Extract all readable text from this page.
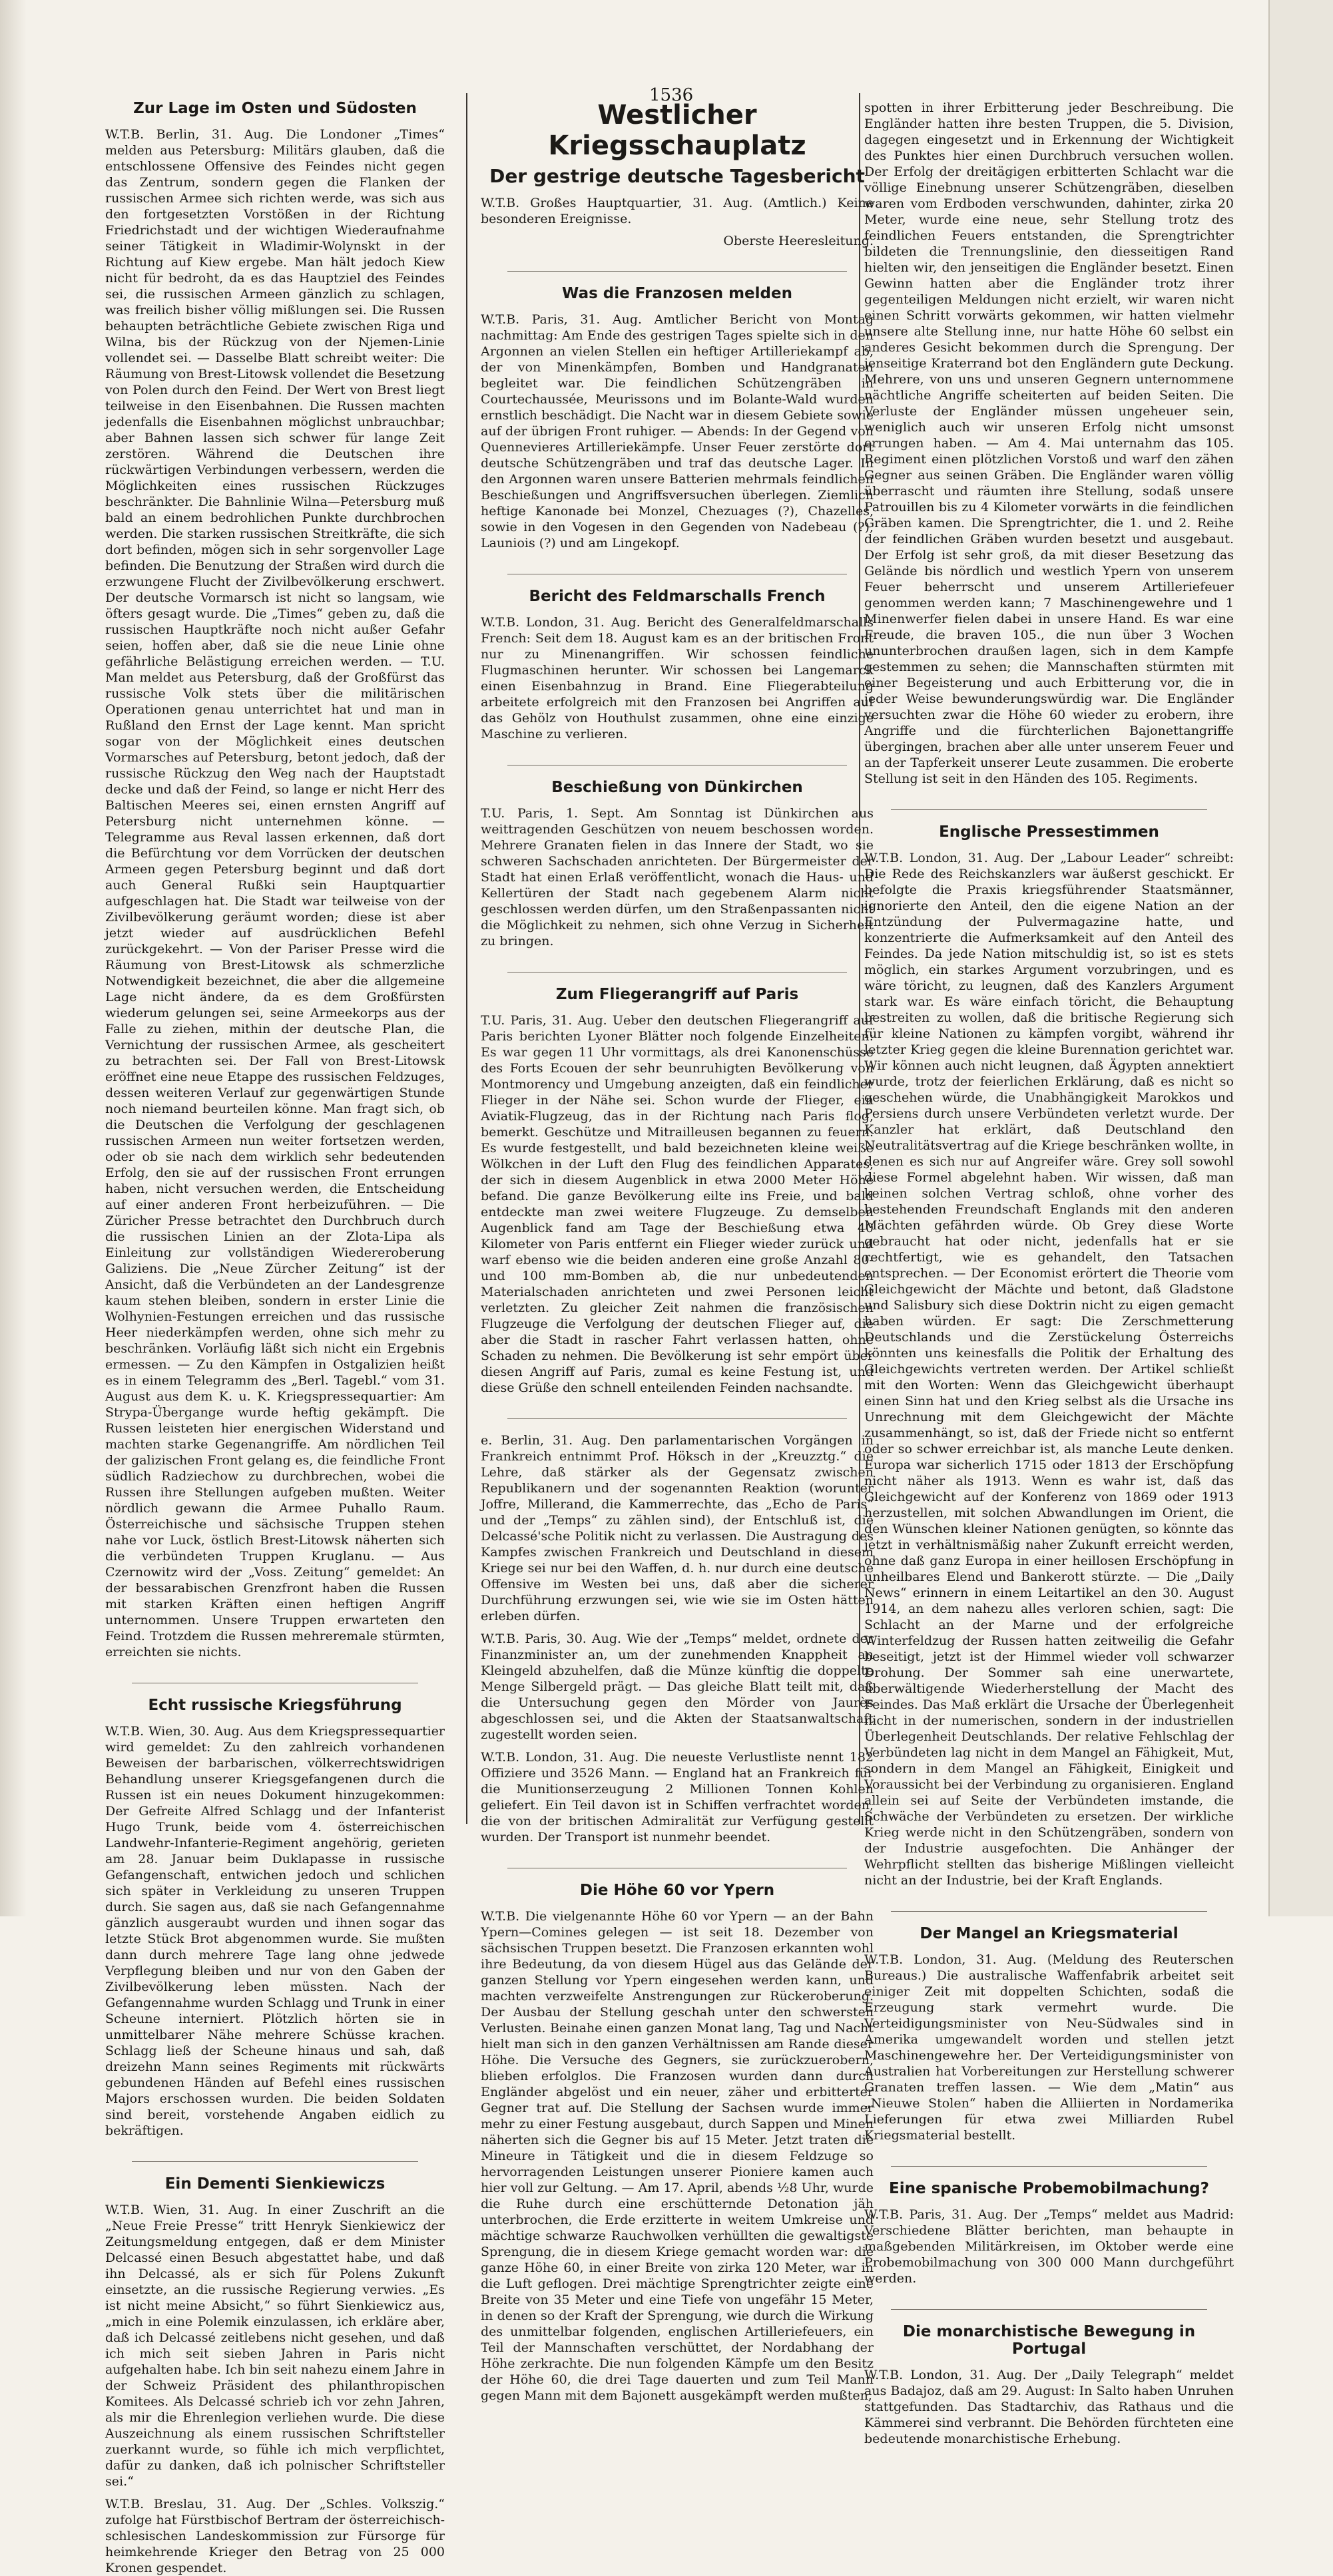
1536
Zur Lage im Osten und Südosten

W.T.B. Berlin, 31. Aug. Die Londoner „Times“ melden aus Petersburg: Militärs glauben, daß die entschlossene Offensive des Feindes nicht gegen das Zentrum, sondern gegen die Flanken der russischen Armee sich richten werde, was sich aus den fortgesetzten Vorstößen in der Richtung Friedrichstadt und der wichtigen Wiederaufnahme seiner Tätigkeit in Wladimir-Wolynskt in der Richtung auf Kiew ergebe. Man hält jedoch Kiew nicht für bedroht, da es das Hauptziel des Feindes sei, die russischen Armeen gänzlich zu schlagen, was freilich bisher völlig mißlungen sei. Die Russen behaupten beträchtliche Gebiete zwischen Riga und Wilna, bis der Rückzug von der Njemen-Linie vollendet sei. — Dasselbe Blatt schreibt weiter: Die Räumung von Brest-Litowsk vollendet die Besetzung von Polen durch den Feind. Der Wert von Brest liegt teilweise in den Eisenbahnen. Die Russen machten jedenfalls die Eisenbahnen möglichst unbrauchbar; aber Bahnen lassen sich schwer für lange Zeit zerstören. Während die Deutschen ihre rückwärtigen Verbindungen verbessern, werden die Möglichkeiten eines russischen Rückzuges beschränkter. Die Bahnlinie Wilna—Petersburg muß bald an einem bedrohlichen Punkte durchbrochen werden. Die starken russischen Streitkräfte, die sich dort befinden, mögen sich in sehr sorgenvoller Lage befinden. Die Benutzung der Straßen wird durch die erzwungene Flucht der Zivilbevölkerung erschwert. Der deutsche Vormarsch ist nicht so langsam, wie öfters gesagt wurde. Die „Times“ geben zu, daß die russischen Hauptkräfte noch nicht außer Gefahr seien, hoffen aber, daß sie die neue Linie ohne gefährliche Belästigung erreichen werden. — T.U. Man meldet aus Petersburg, daß der Großfürst das russische Volk stets über die militärischen Operationen genau unterrichtet hat und man in Rußland den Ernst der Lage kennt. Man spricht sogar von der Möglichkeit eines deutschen Vormarsches auf Petersburg, betont jedoch, daß der russische Rückzug den Weg nach der Hauptstadt decke und daß der Feind, so lange er nicht Herr des Baltischen Meeres sei, einen ernsten Angriff auf Petersburg nicht unternehmen könne. — Telegramme aus Reval lassen erkennen, daß dort die Befürchtung vor dem Vorrücken der deutschen Armeen gegen Petersburg beginnt und daß dort auch General Rußki sein Hauptquartier aufgeschlagen hat. Die Stadt war teilweise von der Zivilbevölkerung geräumt worden; diese ist aber jetzt wieder auf ausdrücklichen Befehl zurückgekehrt. — Von der Pariser Presse wird die Räumung von Brest-Litowsk als schmerzliche Notwendigkeit bezeichnet, die aber die allgemeine Lage nicht ändere, da es dem Großfürsten wiederum gelungen sei, seine Armeekorps aus der Falle zu ziehen, mithin der deutsche Plan, die Vernichtung der russischen Armee, als gescheitert zu betrachten sei. Der Fall von Brest-Litowsk eröffnet eine neue Etappe des russischen Feldzuges, dessen weiteren Verlauf zur gegenwärtigen Stunde noch niemand beurteilen könne. Man fragt sich, ob die Deutschen die Verfolgung der geschlagenen russischen Armeen nun weiter fortsetzen werden, oder ob sie nach dem wirklich sehr bedeutenden Erfolg, den sie auf der russischen Front errungen haben, nicht versuchen werden, die Entscheidung auf einer anderen Front herbeizuführen. — Die Züricher Presse betrachtet den Durchbruch durch die russischen Linien an der Zlota-Lipa als Einleitung zur vollständigen Wiedereroberung Galiziens. Die „Neue Zürcher Zeitung“ ist der Ansicht, daß die Verbündeten an der Landesgrenze kaum stehen bleiben, sondern in erster Linie die Wolhynien-Festungen erreichen und das russische Heer niederkämpfen werden, ohne sich mehr zu beschränken. Vorläufig läßt sich nicht ein Ergebnis ermessen. — Zu den Kämpfen in Ostgalizien heißt es in einem Telegramm des „Berl. Tagebl.“ vom 31. August aus dem K. u. K. Kriegspressequartier: Am Strypa-Übergange wurde heftig gekämpft. Die Russen leisteten hier energischen Widerstand und machten starke Gegenangriffe. Am nördlichen Teil der galizischen Front gelang es, die feindliche Front südlich Radziechow zu durchbrechen, wobei die Russen ihre Stellungen aufgeben mußten. Weiter nördlich gewann die Armee Puhallo Raum. Österreichische und sächsische Truppen stehen nahe vor Luck, östlich Brest-Litowsk näherten sich die verbündeten Truppen Kruglanu. — Aus Czernowitz wird der „Voss. Zeitung“ gemeldet: An der bessarabischen Grenzfront haben die Russen mit starken Kräften einen heftigen Angriff unternommen. Unsere Truppen erwarteten den Feind. Trotzdem die Russen mehreremale stürmten, erreichten sie nichts.

Echt russische Kriegsführung

W.T.B. Wien, 30. Aug. Aus dem Kriegspressequartier wird gemeldet: Zu den zahlreich vorhandenen Beweisen der barbarischen, völkerrechtswidrigen Behandlung unserer Kriegsgefangenen durch die Russen ist ein neues Dokument hinzugekommen: Der Gefreite Alfred Schlagg und der Infanterist Hugo Trunk, beide vom 4. österreichischen Landwehr-Infanterie-Regiment angehörig, gerieten am 28. Januar beim Duklapasse in russische Gefangenschaft, entwichen jedoch und schlichen sich später in Verkleidung zu unseren Truppen durch. Sie sagen aus, daß sie nach Gefangennahme gänzlich ausgeraubt wurden und ihnen sogar das letzte Stück Brot abgenommen wurde. Sie mußten dann durch mehrere Tage lang ohne jedwede Verpflegung bleiben und nur von den Gaben der Zivilbevölkerung leben müssten. Nach der Gefangennahme wurden Schlagg und Trunk in einer Scheune interniert. Plötzlich hörten sie in unmittelbarer Nähe mehrere Schüsse krachen. Schlagg ließ der Scheune hinaus und sah, daß dreizehn Mann seines Regiments mit rückwärts gebundenen Händen auf Befehl eines russischen Majors erschossen wurden. Die beiden Soldaten sind bereit, vorstehende Angaben eidlich zu bekräftigen.

Ein Dementi Sienkiewiczs

W.T.B. Wien, 31. Aug. In einer Zuschrift an die „Neue Freie Presse“ tritt Henryk Sienkiewicz der Zeitungsmeldung entgegen, daß er dem Minister Delcassé einen Besuch abgestattet habe, und daß ihn Delcassé, als er sich für Polens Zukunft einsetzte, an die russische Regierung verwies. „Es ist nicht meine Absicht,“ so führt Sienkiewicz aus, „mich in eine Polemik einzulassen, ich erkläre aber, daß ich Delcassé zeitlebens nicht gesehen, und daß ich mich seit sieben Jahren in Paris nicht aufgehalten habe. Ich bin seit nahezu einem Jahre in der Schweiz Präsident des philanthropischen Komitees. Als Delcassé schrieb ich vor zehn Jahren, als mir die Ehrenlegion verliehen wurde. Die diese Auszeichnung als einem russischen Schriftsteller zuerkannt wurde, so fühle ich mich verpflichtet, dafür zu danken, daß ich polnischer Schriftsteller sei.“

W.T.B. Breslau, 31. Aug. Der „Schles. Volkszig.“ zufolge hat Fürstbischof Bertram der österreichisch-schlesischen Landeskommission zur Fürsorge für heimkehrende Krieger den Betrag von 25 000 Kronen gespendet.

Westlicher Kriegsschauplatz
Der gestrige deutsche Tagesbericht

W.T.B. Großes Hauptquartier, 31. Aug. (Amtlich.) Keine besonderen Ereignisse.

Oberste Heeresleitung.
Was die Franzosen melden

W.T.B. Paris, 31. Aug. Amtlicher Bericht von Montag nachmittag: Am Ende des gestrigen Tages spielte sich in den Argonnen an vielen Stellen ein heftiger Artilleriekampf ab, der von Minenkämpfen, Bomben und Handgranaten begleitet war. Die feindlichen Schützengräben in Courtechaussée, Meurissons und im Bolante-Wald wurden ernstlich beschädigt. Die Nacht war in diesem Gebiete sowie auf der übrigen Front ruhiger. — Abends: In der Gegend von Quennevieres Artilleriekämpfe. Unser Feuer zerstörte dort deutsche Schützengräben und traf das deutsche Lager. In den Argonnen waren unsere Batterien mehrmals feindlichen Beschießungen und Angriffsversuchen überlegen. Ziemlich heftige Kanonade bei Monzel, Chezuages (?), Chazelles, sowie in den Vogesen in den Gegenden von Nadebeau (?), Launiois (?) und am Lingekopf.

Bericht des Feldmarschalls French

W.T.B. London, 31. Aug. Bericht des Generalfeldmarschalls French: Seit dem 18. August kam es an der britischen Front nur zu Minenangriffen. Wir schossen feindliche Flugmaschinen herunter. Wir schossen bei Langemarck einen Eisenbahnzug in Brand. Eine Fliegerabteilung arbeitete erfolgreich mit den Franzosen bei Angriffen auf das Gehölz von Houthulst zusammen, ohne eine einzige Maschine zu verlieren.

Beschießung von Dünkirchen

T.U. Paris, 1. Sept. Am Sonntag ist Dünkirchen aus weittragenden Geschützen von neuem beschossen worden. Mehrere Granaten fielen in das Innere der Stadt, wo sie schweren Sachschaden anrichteten. Der Bürgermeister der Stadt hat einen Erlaß veröffentlicht, wonach die Haus- und Kellertüren der Stadt nach gegebenem Alarm nicht geschlossen werden dürfen, um den Straßenpassanten nicht die Möglichkeit zu nehmen, sich ohne Verzug in Sicherheit zu bringen.

Zum Fliegerangriff auf Paris

T.U. Paris, 31. Aug. Ueber den deutschen Fliegerangriff auf Paris berichten Lyoner Blätter noch folgende Einzelheiten: Es war gegen 11 Uhr vormittags, als drei Kanonenschüsse des Forts Ecouen der sehr beunruhigten Bevölkerung von Montmorency und Umgebung anzeigten, daß ein feindlicher Flieger in der Nähe sei. Schon wurde der Flieger, ein Aviatik-Flugzeug, das in der Richtung nach Paris flog, bemerkt. Geschütze und Mitrailleusen begannen zu feuern. Es wurde festgestellt, und bald bezeichneten kleine weiße Wölkchen in der Luft den Flug des feindlichen Apparates, der sich in diesem Augenblick in etwa 2000 Meter Höhe befand. Die ganze Bevölkerung eilte ins Freie, und bald entdeckte man zwei weitere Flugzeuge. Zu demselben Augenblick fand am Tage der Beschießung etwa 40 Kilometer von Paris entfernt ein Flieger wieder zurück und warf ebenso wie die beiden anderen eine große Anzahl 80- und 100 mm-Bomben ab, die nur unbedeutenden Materialschaden anrichteten und zwei Personen leicht verletzten. Zu gleicher Zeit nahmen die französischen Flugzeuge die Verfolgung der deutschen Flieger auf, die aber die Stadt in rascher Fahrt verlassen hatten, ohne Schaden zu nehmen. Die Bevölkerung ist sehr empört über diesen Angriff auf Paris, zumal es keine Festung ist, und diese Grüße den schnell enteilenden Feinden nachsandte.

e. Berlin, 31. Aug. Den parlamentarischen Vorgängen in Frankreich entnimmt Prof. Höksch in der „Kreuzztg.“ die Lehre, daß stärker als der Gegensatz zwischen Republikanern und der sogenannten Reaktion (worunter Joffre, Millerand, die Kammerrechte, das „Echo de Paris“ und der „Temps“ zu zählen sind), der Entschluß ist, die Delcassé'sche Politik nicht zu verlassen. Die Austragung des Kampfes zwischen Frankreich und Deutschland in diesem Kriege sei nur bei den Waffen, d. h. nur durch eine deutsche Offensive im Westen bei uns, daß aber die sicherer Durchführung erzwungen sei, wie wie sie im Osten hätten erleben dürfen.

W.T.B. Paris, 30. Aug. Wie der „Temps“ meldet, ordnete der Finanzminister an, um der zunehmenden Knappheit an Kleingeld abzuhelfen, daß die Münze künftig die doppelte Menge Silbergeld prägt. — Das gleiche Blatt teilt mit, daß die Untersuchung gegen den Mörder von Jaurès abgeschlossen sei, und die Akten der Staatsanwaltschaft zugestellt worden seien.

W.T.B. London, 31. Aug. Die neueste Verlustliste nennt 182 Offiziere und 3526 Mann. — England hat an Frankreich für die Munitionserzeugung 2 Millionen Tonnen Kohlen geliefert. Ein Teil davon ist in Schiffen verfrachtet worden, die von der britischen Admiralität zur Verfügung gestellt wurden. Der Transport ist nunmehr beendet.

Die Höhe 60 vor Ypern

W.T.B. Die vielgenannte Höhe 60 vor Ypern — an der Bahn Ypern—Comines gelegen — ist seit 18. Dezember von sächsischen Truppen besetzt. Die Franzosen erkannten wohl ihre Bedeutung, da von diesem Hügel aus das Gelände der ganzen Stellung vor Ypern eingesehen werden kann, und machten verzweifelte Anstrengungen zur Rückeroberung. Der Ausbau der Stellung geschah unter den schwersten Verlusten. Beinahe einen ganzen Monat lang, Tag und Nacht hielt man sich in den ganzen Verhältnissen am Rande dieser Höhe. Die Versuche des Gegners, sie zurückzuerobern, blieben erfolglos. Die Franzosen wurden dann durch Engländer abgelöst und ein neuer, zäher und erbitterter Gegner trat auf. Die Stellung der Sachsen wurde immer mehr zu einer Festung ausgebaut, durch Sappen und Minen näherten sich die Gegner bis auf 15 Meter. Jetzt traten die Mineure in Tätigkeit und die in diesem Feldzuge so hervorragenden Leistungen unserer Pioniere kamen auch hier voll zur Geltung. — Am 17. April, abends ½8 Uhr, wurde die Ruhe durch eine erschütternde Detonation jäh unterbrochen, die Erde erzitterte in weitem Umkreise und mächtige schwarze Rauchwolken verhüllten die gewaltigste Sprengung, die in diesem Kriege gemacht worden war: die ganze Höhe 60, in einer Breite von zirka 120 Meter, war in die Luft geflogen. Drei mächtige Sprengtrichter zeigte eine Breite von 35 Meter und eine Tiefe von ungefähr 15 Meter, in denen so der Kraft der Sprengung, wie durch die Wirkung des unmittelbar folgenden, englischen Artilleriefeuers, ein Teil der Mannschaften verschüttet, der Nordabhang der Höhe zerkrachte. Die nun folgenden Kämpfe um den Besitz der Höhe 60, die drei Tage dauerten und zum Teil Mann gegen Mann mit dem Bajonett ausgekämpft werden mußten,

spotten in ihrer Erbitterung jeder Beschreibung. Die Engländer hatten ihre besten Truppen, die 5. Division, dagegen eingesetzt und in Erkennung der Wichtigkeit des Punktes hier einen Durchbruch versuchen wollen. Der Erfolg der dreitägigen erbitterten Schlacht war die völlige Einebnung unserer Schützengräben, dieselben waren vom Erdboden verschwunden, dahinter, zirka 20 Meter, wurde eine neue, sehr Stellung trotz des feindlichen Feuers entstanden, die Sprengtrichter bildeten die Trennungslinie, den diesseitigen Rand hielten wir, den jenseitigen die Engländer besetzt. Einen Gewinn hatten aber die Engländer trotz ihrer gegenteiligen Meldungen nicht erzielt, wir waren nicht einen Schritt vorwärts gekommen, wir hatten vielmehr unsere alte Stellung inne, nur hatte Höhe 60 selbst ein anderes Gesicht bekommen durch die Sprengung. Der jenseitige Kraterrand bot den Engländern gute Deckung. Mehrere, von uns und unseren Gegnern unternommene nächtliche Angriffe scheiterten auf beiden Seiten. Die Verluste der Engländer müssen ungeheuer sein, weniglich auch wir unseren Erfolg nicht umsonst errungen haben. — Am 4. Mai unternahm das 105. Regiment einen plötzlichen Vorstoß und warf den zähen Gegner aus seinen Gräben. Die Engländer waren völlig überrascht und räumten ihre Stellung, sodaß unsere Patrouillen bis zu 4 Kilometer vorwärts in die feindlichen Gräben kamen. Die Sprengtrichter, die 1. und 2. Reihe der feindlichen Gräben wurden besetzt und ausgebaut. Der Erfolg ist sehr groß, da mit dieser Besetzung das Gelände bis nördlich und westlich Ypern von unserem Feuer beherrscht und unserem Artilleriefeuer genommen werden kann; 7 Maschinengewehre und 1 Minenwerfer fielen dabei in unsere Hand. Es war eine Freude, die braven 105., die nun über 3 Wochen ununterbrochen draußen lagen, sich in dem Kampfe gestemmen zu sehen; die Mannschaften stürmten mit einer Begeisterung und auch Erbitterung vor, die in jeder Weise bewunderungswürdig war. Die Engländer versuchten zwar die Höhe 60 wieder zu erobern, ihre Angriffe und die fürchterlichen Bajonettangriffe übergingen, brachen aber alle unter unserem Feuer und an der Tapferkeit unserer Leute zusammen. Die eroberte Stellung ist seit in den Händen des 105. Regiments.

Englische Pressestimmen

W.T.B. London, 31. Aug. Der „Labour Leader“ schreibt: Die Rede des Reichskanzlers war äußerst geschickt. Er befolgte die Praxis kriegsführender Staatsmänner, ignorierte den Anteil, den die eigene Nation an der Entzündung der Pulvermagazine hatte, und konzentrierte die Aufmerksamkeit auf den Anteil des Feindes. Da jede Nation mitschuldig ist, so ist es stets möglich, ein starkes Argument vorzubringen, und es wäre töricht, zu leugnen, daß des Kanzlers Argument stark war. Es wäre einfach töricht, die Behauptung bestreiten zu wollen, daß die britische Regierung sich für kleine Nationen zu kämpfen vorgibt, während ihr letzter Krieg gegen die kleine Burennation gerichtet war. Wir können auch nicht leugnen, daß Ägypten annektiert wurde, trotz der feierlichen Erklärung, daß es nicht so geschehen würde, die Unabhängigkeit Marokkos und Persiens durch unsere Verbündeten verletzt wurde. Der Kanzler hat erklärt, daß Deutschland den Neutralitätsvertrag auf die Kriege beschränken wollte, in denen es sich nur auf Angreifer wäre. Grey soll sowohl diese Formel abgelehnt haben. Wir wissen, daß man keinen solchen Vertrag schloß, ohne vorher des bestehenden Freundschaft Englands mit den anderen Mächten gefährden würde. Ob Grey diese Worte gebraucht hat oder nicht, jedenfalls hat er sie rechtfertigt, wie es gehandelt, den Tatsachen entsprechen. — Der Economist erörtert die Theorie vom Gleichgewicht der Mächte und betont, daß Gladstone und Salisbury sich diese Doktrin nicht zu eigen gemacht haben würden. Er sagt: Die Zerschmetterung Deutschlands und die Zerstückelung Österreichs könnten uns keinesfalls die Politik der Erhaltung des Gleichgewichts vertreten werden. Der Artikel schließt mit den Worten: Wenn das Gleichgewicht überhaupt einen Sinn hat und den Krieg selbst als die Ursache ins Unrechnung mit dem Gleichgewicht der Mächte zusammenhängt, so ist, daß der Friede nicht so entfernt oder so schwer erreichbar ist, als manche Leute denken. Europa war sicherlich 1715 oder 1813 der Erschöpfung nicht näher als 1913. Wenn es wahr ist, daß das Gleichgewicht auf der Konferenz von 1869 oder 1913 herzustellen, mit solchen Abwandlungen im Orient, die den Wünschen kleiner Nationen genügten, so könnte das jetzt in verhältnismäßig naher Zukunft erreicht werden, ohne daß ganz Europa in einer heillosen Erschöpfung in unheilbares Elend und Bankerott stürzte. — Die „Daily News“ erinnern in einem Leitartikel an den 30. August 1914, an dem nahezu alles verloren schien, sagt: Die Schlacht an der Marne und der erfolgreiche Winterfeldzug der Russen hatten zeitweilig die Gefahr beseitigt, jetzt ist der Himmel wieder voll schwarzer Drohung. Der Sommer sah eine unerwartete, überwältigende Wiederherstellung der Macht des Feindes. Das Maß erklärt die Ursache der Überlegenheit nicht in der numerischen, sondern in der industriellen Überlegenheit Deutschlands. Der relative Fehlschlag der Verbündeten lag nicht in dem Mangel an Fähigkeit, Mut, sondern in dem Mangel an Fähigkeit, Einigkeit und Voraussicht bei der Verbindung zu organisieren. England allein sei auf Seite der Verbündeten imstande, die Schwäche der Verbündeten zu ersetzen. Der wirkliche Krieg werde nicht in den Schützengräben, sondern von der Industrie ausgefochten. Die Anhänger der Wehrpflicht stellten das bisherige Mißlingen vielleicht nicht an der Industrie, bei der Kraft Englands.

Der Mangel an Kriegsmaterial

W.T.B. London, 31. Aug. (Meldung des Reuterschen Bureaus.) Die australische Waffenfabrik arbeitet seit einiger Zeit mit doppelten Schichten, sodaß die Erzeugung stark vermehrt wurde. Die Verteidigungsminister von Neu-Südwales sind in Amerika umgewandelt worden und stellen jetzt Maschinengewehre her. Der Verteidigungsminister von Australien hat Vorbereitungen zur Herstellung schwerer Granaten treffen lassen. — Wie dem „Matin“ aus „Nieuwe Stolen“ haben die Alliierten in Nordamerika Lieferungen für etwa zwei Milliarden Rubel Kriegsmaterial bestellt.

Eine spanische Probemobilmachung?

W.T.B. Paris, 31. Aug. Der „Temps“ meldet aus Madrid: Verschiedene Blätter berichten, man behaupte in maßgebenden Militärkreisen, im Oktober werde eine Probemobilmachung von 300 000 Mann durchgeführt werden.

Die monarchistische Bewegung in Portugal

W.T.B. London, 31. Aug. Der „Daily Telegraph“ meldet aus Badajoz, daß am 29. August: In Salto haben Unruhen stattgefunden. Das Stadtarchiv, das Rathaus und die Kämmerei sind verbrannt. Die Behörden fürchteten eine bedeutende monarchistische Erhebung.
